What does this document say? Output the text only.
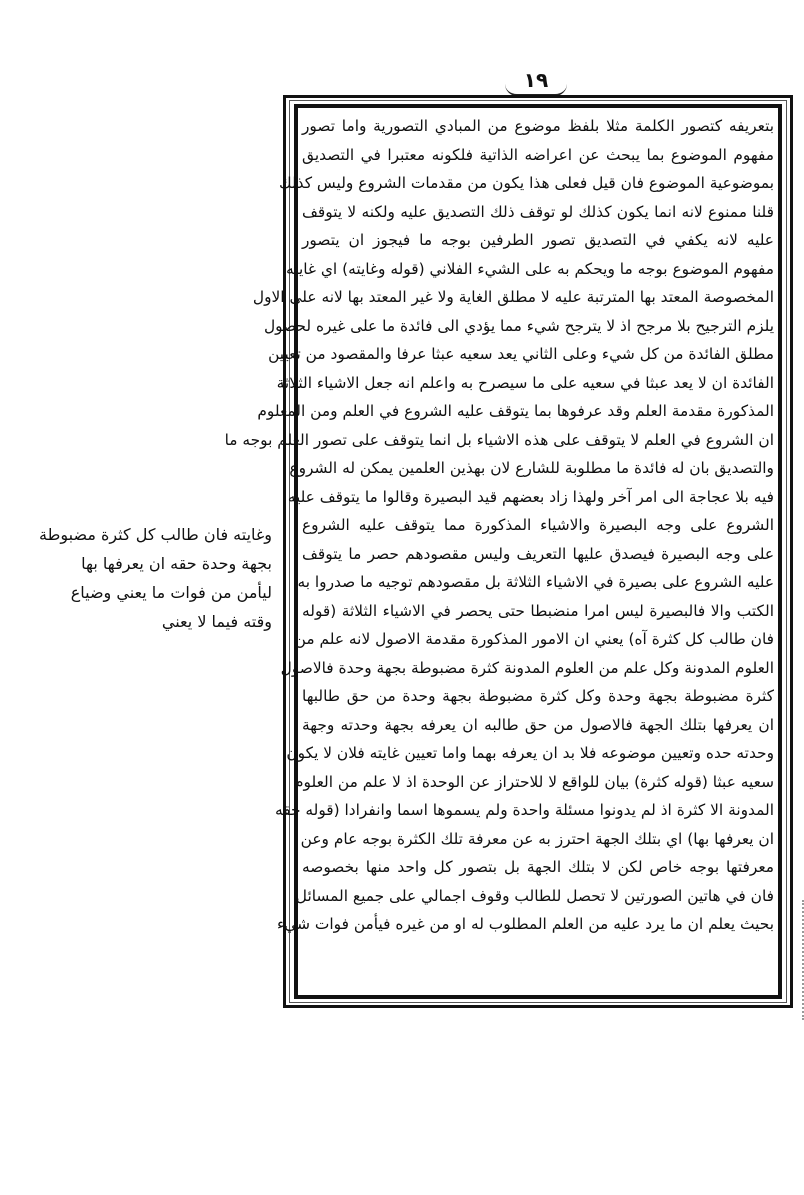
١٩
بتعريفه كتصور الكلمة مثلا بلفظ موضوع من المبادي التصورية واما تصور
مفهوم الموضوع بما يبحث عن اعراضه الذاتية فلكونه معتبرا في التصديق
بموضوعية الموضوع فان قيل فعلى هذا يكون من مقدمات الشروع وليس كذلك
قلنا ممنوع لانه انما يكون كذلك لو توقف ذلك التصديق عليه ولكنه لا يتوقف
عليه لانه يكفي في التصديق تصور الطرفين بوجه ما فيجوز ان يتصور
مفهوم الموضوع بوجه ما ويحكم به على الشيء الفلاني (قوله وغايته) اي غايته
المخصوصة المعتد بها المترتبة عليه لا مطلق الغاية ولا غير المعتد بها لانه على الاول
يلزم الترجيح بلا مرجح اذ لا يترجح شيء مما يؤدي الى فائدة ما على غيره لحصول
مطلق الفائدة من كل شيء وعلى الثاني يعد سعيه عبثا عرفا والمقصود من تعيين
الفائدة ان لا يعد عبثا في سعيه على ما سيصرح به واعلم انه جعل الاشياء الثلاثة
المذكورة مقدمة العلم وقد عرفوها بما يتوقف عليه الشروع في العلم ومن المعلوم
ان الشروع في العلم لا يتوقف على هذه الاشياء بل انما يتوقف على تصور العلم بوجه ما
والتصديق بان له فائدة ما مطلوبة للشارع لان بهذين العلمين يمكن له الشروع
فيه بلا عجاجة الى امر آخر ولهذا زاد بعضهم قيد البصيرة وقالوا ما يتوقف عليه
الشروع على وجه البصيرة والاشياء المذكورة مما يتوقف عليه الشروع
على وجه البصيرة فيصدق عليها التعريف وليس مقصودهم حصر ما يتوقف
عليه الشروع على بصيرة في الاشياء الثلاثة بل مقصودهم توجيه ما صدروا به
الكتب والا فالبصيرة ليس امرا منضبطا حتى يحصر في الاشياء الثلاثة (قوله
فان طالب كل كثرة آه) يعني ان الامور المذكورة مقدمة الاصول لانه علم من
العلوم المدونة وكل علم من العلوم المدونة كثرة مضبوطة بجهة وحدة فالاصول
كثرة مضبوطة بجهة وحدة وكل كثرة مضبوطة بجهة وحدة من حق طالبها
ان يعرفها بتلك الجهة فالاصول من حق طالبه ان يعرفه بجهة وحدته وجهة
وحدته حده وتعيين موضوعه فلا بد ان يعرفه بهما واما تعيين غايته فلان لا يكون
سعيه عبثا (قوله كثرة) بيان للواقع لا للاحتراز عن الوحدة اذ لا علم من العلوم
المدونة الا كثرة اذ لم يدونوا مسئلة واحدة ولم يسموها اسما وانفرادا (قوله حقه
ان يعرفها بها) اي بتلك الجهة احترز به عن معرفة تلك الكثرة بوجه عام وعن
معرفتها بوجه خاص لكن لا بتلك الجهة بل بتصور كل واحد منها بخصوصه
فان في هاتين الصورتين لا تحصل للطالب وقوف اجمالي على جميع المسائل
بحيث يعلم ان ما يرد عليه من العلم المطلوب له او من غيره فيأمن فوات شيء
وغايته فان طالب كل كثرة مضبوطة
بجهة وحدة حقه ان يعرفها بها
ليأمن من فوات ما يعني وضياع
وقته فيما لا يعني
